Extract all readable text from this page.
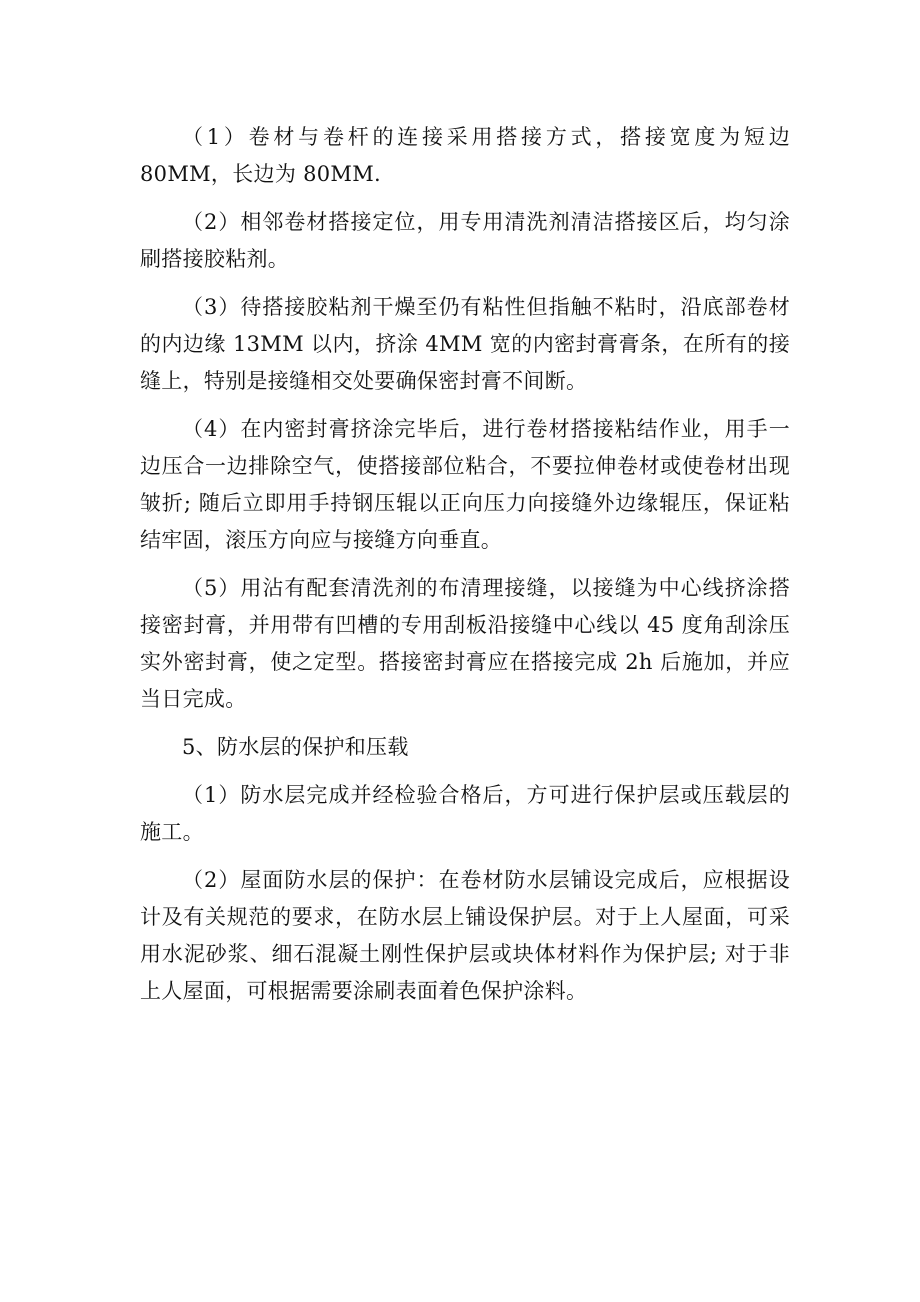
（1）卷材与卷杆的连接采用搭接方式，搭接宽度为短边 80MM，长边为 80MM.

（2）相邻卷材搭接定位，用专用清洗剂清洁搭接区后，均匀涂刷搭接胶粘剂。

（3）待搭接胶粘剂干燥至仍有粘性但指触不粘时，沿底部卷材的内边缘 13MM 以内，挤涂 4MM 宽的内密封膏膏条，在所有的接缝上，特别是接缝相交处要确保密封膏不间断。

（4）在内密封膏挤涂完毕后，进行卷材搭接粘结作业，用手一边压合一边排除空气，使搭接部位粘合，不要拉伸卷材或使卷材出现皱折; 随后立即用手持钢压辊以正向压力向接缝外边缘辊压，保证粘结牢固，滚压方向应与接缝方向垂直。

（5）用沾有配套清洗剂的布清理接缝，以接缝为中心线挤涂搭接密封膏，并用带有凹槽的专用刮板沿接缝中心线以 45 度角刮涂压实外密封膏，使之定型。搭接密封膏应在搭接完成 2h 后施加，并应当日完成。

5、防水层的保护和压载

（1）防水层完成并经检验合格后，方可进行保护层或压载层的施工。

（2）屋面防水层的保护：在卷材防水层铺设完成后，应根据设计及有关规范的要求，在防水层上铺设保护层。对于上人屋面，可采用水泥砂浆、细石混凝土刚性保护层或块体材料作为保护层; 对于非上人屋面，可根据需要涂刷表面着色保护涂料。
